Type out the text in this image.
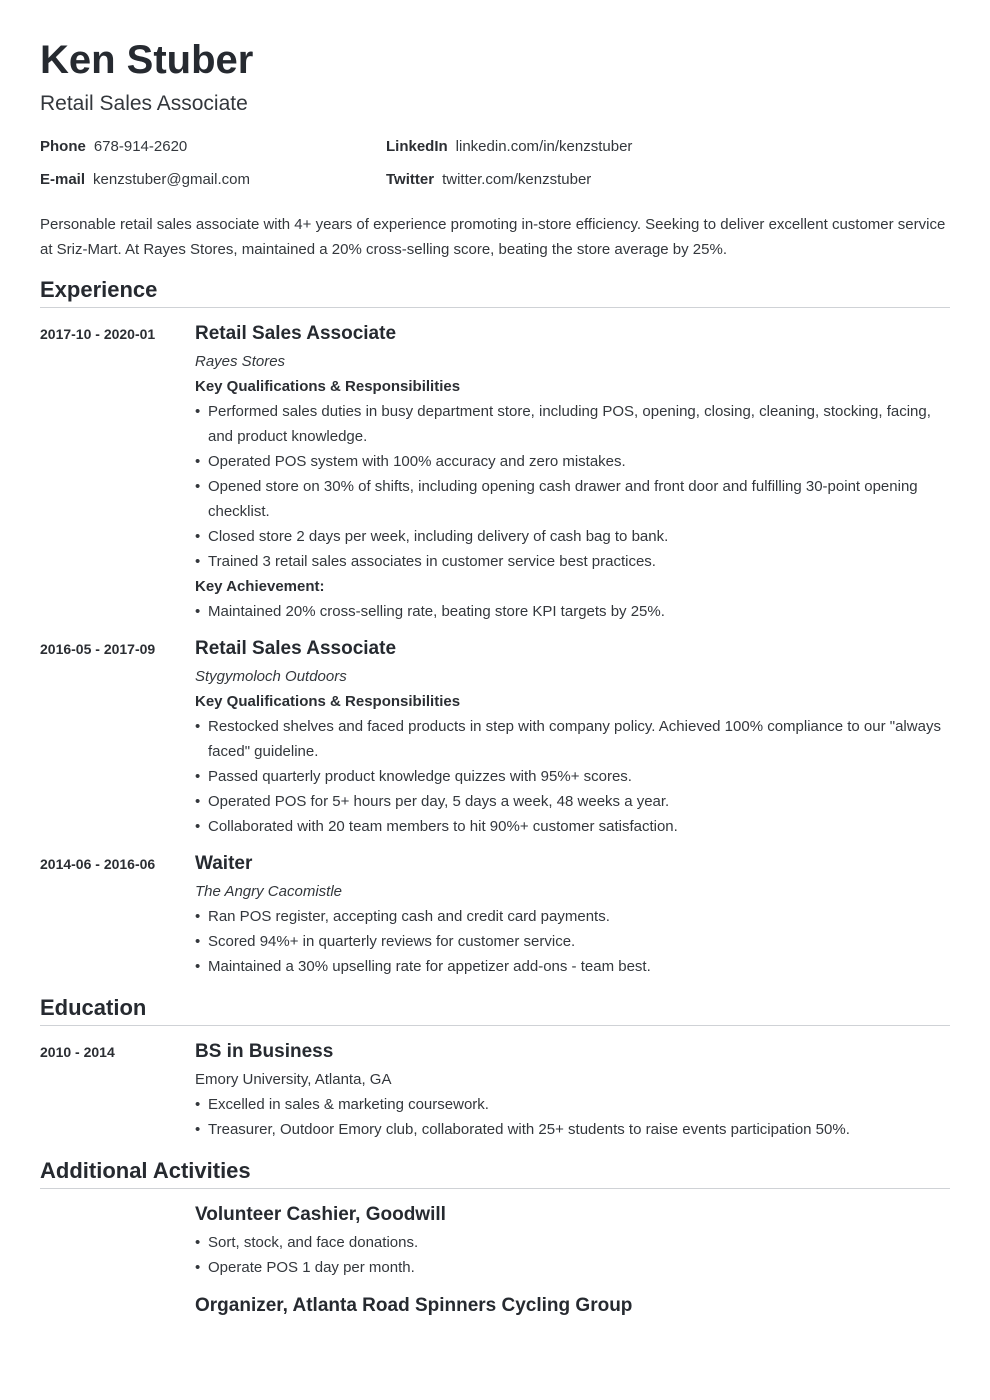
Ken Stuber
Retail Sales Associate
Phone 678-914-2620	LinkedIn linkedin.com/in/kenzstuber
E-mail kenzstuber@gmail.com	Twitter twitter.com/kenzstuber

Personable retail sales associate with 4+ years of experience promoting in-store efficiency. Seeking to deliver excellent customer service at Sriz-Mart. At Rayes Stores, maintained a 20% cross-selling score, beating the store average by 25%.

Experience
2017-10 - 2020-01	Retail Sales Associate
Rayes Stores
Key Qualifications & Responsibilities
• Performed sales duties in busy department store, including POS, opening, closing, cleaning, stocking, facing, and product knowledge.
• Operated POS system with 100% accuracy and zero mistakes.
• Opened store on 30% of shifts, including opening cash drawer and front door and fulfilling 30-point opening checklist.
• Closed store 2 days per week, including delivery of cash bag to bank.
• Trained 3 retail sales associates in customer service best practices.
Key Achievement:
• Maintained 20% cross-selling rate, beating store KPI targets by 25%.
2016-05 - 2017-09	Retail Sales Associate
Stygymoloch Outdoors
Key Qualifications & Responsibilities
• Restocked shelves and faced products in step with company policy. Achieved 100% compliance to our "always faced" guideline.
• Passed quarterly product knowledge quizzes with 95%+ scores.
• Operated POS for 5+ hours per day, 5 days a week, 48 weeks a year.
• Collaborated with 20 team members to hit 90%+ customer satisfaction.
2014-06 - 2016-06	Waiter
The Angry Cacomistle
• Ran POS register, accepting cash and credit card payments.
• Scored 94%+ in quarterly reviews for customer service.
• Maintained a 30% upselling rate for appetizer add-ons - team best.
Education
2010 - 2014	BS in Business
Emory University, Atlanta, GA
• Excelled in sales & marketing coursework.
• Treasurer, Outdoor Emory club, collaborated with 25+ students to raise events participation 50%.
Additional Activities
Volunteer Cashier, Goodwill
• Sort, stock, and face donations.
• Operate POS 1 day per month.
Organizer, Atlanta Road Spinners Cycling Group
